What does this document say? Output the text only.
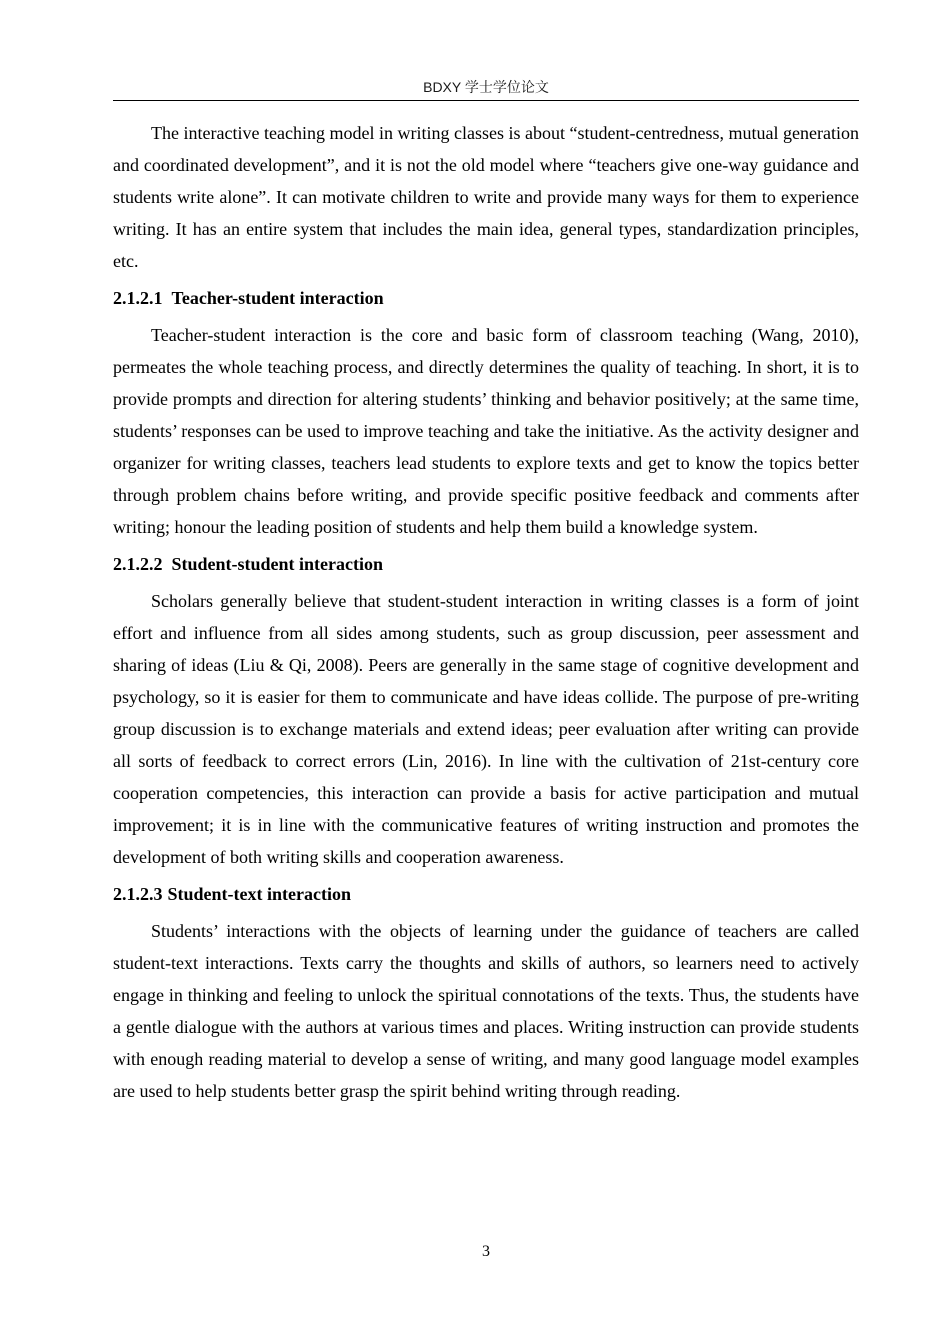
BDXY 学士学位论文

The interactive teaching model in writing classes is about “student-centredness, mutual generation and coordinated development”, and it is not the old model where “teachers give one-way guidance and students write alone”. It can motivate children to write and provide many ways for them to experience writing. It has an entire system that includes the main idea, general types, standardization principles, etc.

2.1.2.1 Teacher-student interaction

Teacher-student interaction is the core and basic form of classroom teaching (Wang, 2010), permeates the whole teaching process, and directly determines the quality of teaching. In short, it is to provide prompts and direction for altering students’ thinking and behavior positively; at the same time, students’ responses can be used to improve teaching and take the initiative. As the activity designer and organizer for writing classes, teachers lead students to explore texts and get to know the topics better through problem chains before writing, and provide specific positive feedback and comments after writing; honour the leading position of students and help them build a knowledge system.

2.1.2.2 Student-student interaction

Scholars generally believe that student-student interaction in writing classes is a form of joint effort and influence from all sides among students, such as group discussion, peer assessment and sharing of ideas (Liu & Qi, 2008). Peers are generally in the same stage of cognitive development and psychology, so it is easier for them to communicate and have ideas collide. The purpose of pre-writing group discussion is to exchange materials and extend ideas; peer evaluation after writing can provide all sorts of feedback to correct errors (Lin, 2016). In line with the cultivation of 21st-century core cooperation competencies, this interaction can provide a basis for active participation and mutual improvement; it is in line with the communicative features of writing instruction and promotes the development of both writing skills and cooperation awareness.

2.1.2.3 Student-text interaction

Students’ interactions with the objects of learning under the guidance of teachers are called student-text interactions. Texts carry the thoughts and skills of authors, so learners need to actively engage in thinking and feeling to unlock the spiritual connotations of the texts. Thus, the students have a gentle dialogue with the authors at various times and places. Writing instruction can provide students with enough reading material to develop a sense of writing, and many good language model examples are used to help students better grasp the spirit behind writing through reading.

3
